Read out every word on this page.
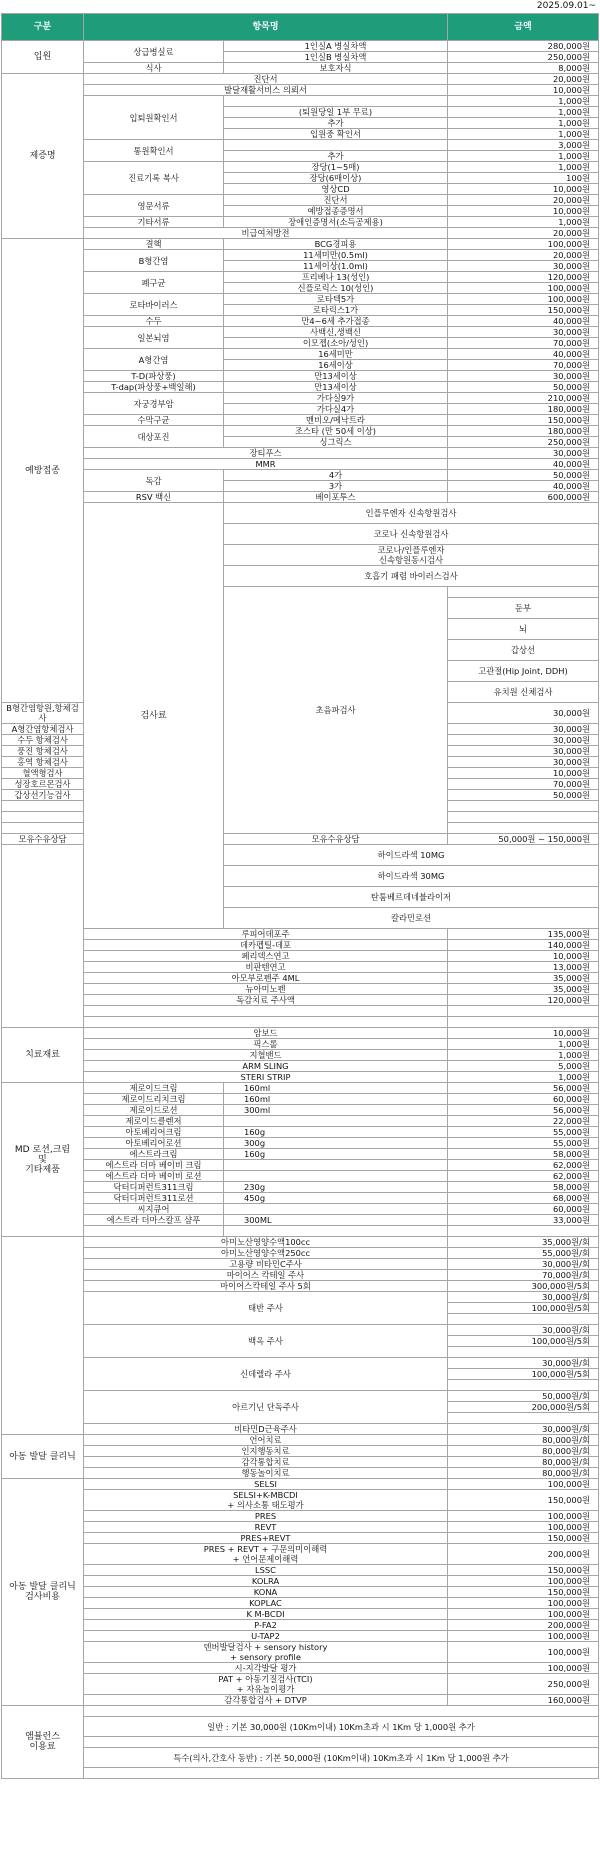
2025.09.01~
구분	항목명		금액	
입원	상급병실료	1인실A 병실차액	280,000원	
		1인실B 병실차액	250,000원	
	식사	보호자식	8,000원	
제증명	진단서		20,000원	
	발달재활서비스 의뢰서		10,000원	
	입퇴원확인서		1,000원	
		(퇴원당일 1부 무료)	1,000원	
		추가	1,000원	
		입원중 확인서	1,000원	
	통원확인서		3,000원	
		추가	1,000원	
	진료기록 복사	장당(1~5매)	1,000원	
		장당(6매이상)	100원	
		영상CD	10,000원	
	영문서류	진단서	20,000원	
		예방접종증명서	10,000원	
	기타서류	장애인증명서(소득공제용)	1,000원	
	비급여처방전		20,000원	
예방접종	결핵	BCG경피용	100,000원	
	B형간염	11세미만(0.5ml)	20,000원	
		11세이상(1.0ml)	30,000원	
	폐구균	프리베나 13(성인)	120,000원	
		신플로릭스 10(성인)	100,000원	
	로타바이러스	로타텍5가	100,000원	
		로타릭스1가	150,000원	
	수두	만4~6세 추가접종	40,000원	
	일본뇌염	사백신,생백신	30,000원	
		이모젭(소아/성인)	70,000원	
	A형간염	16세미만	40,000원	
		16세이상	70,000원	
	T-D(파상풍)	만13세이상	30,000원	
	T-dap(파상풍+백일해)	만13세이상	50,000원	
	자궁경부암	가다실9가	210,000원	
		가다실4가	180,000원	
	수막구균	멘비오/메낙트라	150,000원	
	대상포진	조스타 (만 50세 이상)	180,000원	
		싱그릭스	250,000원	
	장티푸스		30,000원	
	MMR		40,000원	
	독감	4가	50,000원	
		3가	40,000원	
	RSV 백신	베이포투스	600,000원	
	검사료	인플루엔자 신속항원검사	
		코로나 신속항원검사	
		코로나/인플루엔자
신속항원동시검사	
		호흡기 패렴 바이러스검사	
		초음파검사		
			둔부	
			뇌	
			갑상선	
			고관절(Hip Joint, DDH)	
			유치원 신체검사	
B형간염항원,항체검사			30,000원	
A형간염항체검사			30,000원	
수두 항체검사			30,000원	
풍진 항체검사			30,000원	
홍역 항체검사			30,000원	
혈액형검사			10,000원	
성장호르몬검사			70,000원	
갑상선기능검사			50,000원	

모유수유상담		모유수유상담	50,000원 ~ 150,000원	
		하이드라섹 10MG	
		하이드라섹 30MG	
		탄툼베르데네뷸라이저	
		칼라민로션	
	루피어데포주		135,000원	
	데카펩틸-데포		140,000원	
	페리덱스연고		10,000원	
	비판텐연고		13,000원	
	아모부로펜주 4ML		35,000원	
	뉴아미노펜		35,000원	
	독감치료 주사액		120,000원	

치료재료	암보드		10,000원	
	픽스롤		1,000원	
	지혈밴드		1,000원	
	ARM SLING		5,000원	
	STERI STRIP		1,000원	
MD 로션,크림
및
기타제품	제로이드크림	160ml	56,000원	
	제로이드리치크림	160ml	60,000원	
	제로이드로션	300ml	56,000원	
	제로이드클렌저		22,000원	
	아토베리어크림	160g	55,000원	
	아토베리어로션	300g	55,000원	
	에스트라크림	160g	58,000원	
	에스트라 더마 베이비 크림		62,000원	
	에스트라 더마 베이비 로션		62,000원	
	닥터디퍼런트311크림	230g	58,000원	
	닥터디퍼런트311로션	450g	68,000원	
	씨지큐어		60,000원	
	에스트라 더마스칼프 샴푸	300ML	33,000원	

	아미노산영양수액100cc		35,000원/회	
	아미노산영양수액250cc		55,000원/회	
	고용량 비타민C주사		30,000원/회	
	마이어스 칵테일 주사		70,000원/회	
	마이어스칵테일 주사 5회		300,000원/5회	
	태반 주사		30,000원/회	
			100,000원/5회	

	백옥 주사		30,000원/회	
			100,000원/5회	

	신데렐라 주사		30,000원/회	
			100,000원/5회	

	아르기닌 단독주사		50,000원/회	
			200,000원/5회	

	비타민D근육주사		30,000원/회	
아동 발달 클리닉	언어치료		80,000원/회	
	인지행동치료		80,000원/회	
	감각통합치료		80,000원/회	
	행동놀이치료		80,000원/회	
아동 발달 클리닉
검사비용	SELSI		100,000원	
	SELSI+K-MBCDI
+ 의사소통 태도평가		150,000원	

	PRES		100,000원	
	REVT		100,000원	
	PRES+REVT		150,000원	
	PRES + REVT + 구문의미이해력
+ 언어문제이해력		200,000원	

	LSSC		150,000원	
	KOLRA		100,000원	
	KONA		150,000원	
	KOPLAC		100,000원	
	K M-BCDI		100,000원	
	P-FA2		200,000원	
	U-TAP2		100,000원	
	덴버발달검사 + sensory history
+ sensory profile		100,000원	

	시-지각발달 평가		100,000원	
	PAT + 아동기질검사(TCI)
+ 자유놀이평가		250,000원	

	감각통합검사 + DTVP		160,000원	
앰뷸런스
이용료				
	일반 : 기본 30,000원 (10Km이내) 10Km초과 시 1Km 당 1,000원 추가			

	특수(의사,간호사 동반) : 기본 50,000원 (10Km이내) 10Km초과 시 1Km 당 1,000원 추가			
